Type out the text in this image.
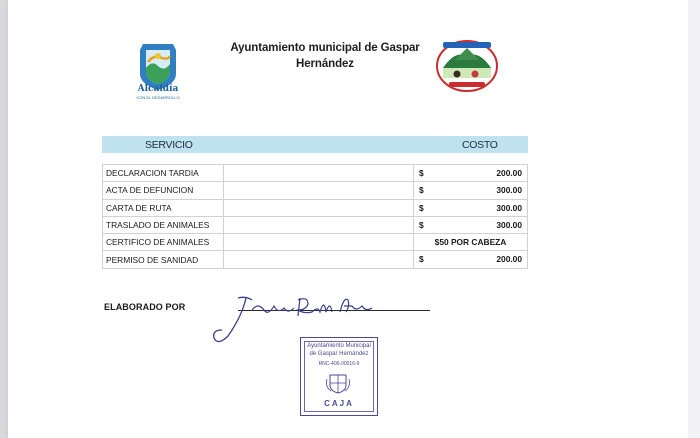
Alcaldía
CON EL DESARROLLO
Ayuntamiento municipal de Gaspar
Hernández
SERVICIO	COSTO
DECLARACION TARDIA		$ 200.00

ACTA DE DEFUNCION		$ 300.00

CARTA DE RUTA		$ 300.00

TRASLADO DE ANIMALES		$ 300.00

CERTIFICO DE ANIMALES		$50 POR CABEZA

PERMISO DE SANIDAD		$ 200.00
ELABORADO POR
Ayuntamiento Municipal
de Gaspar Hernández
RNC-406-00016-9
CAJA
